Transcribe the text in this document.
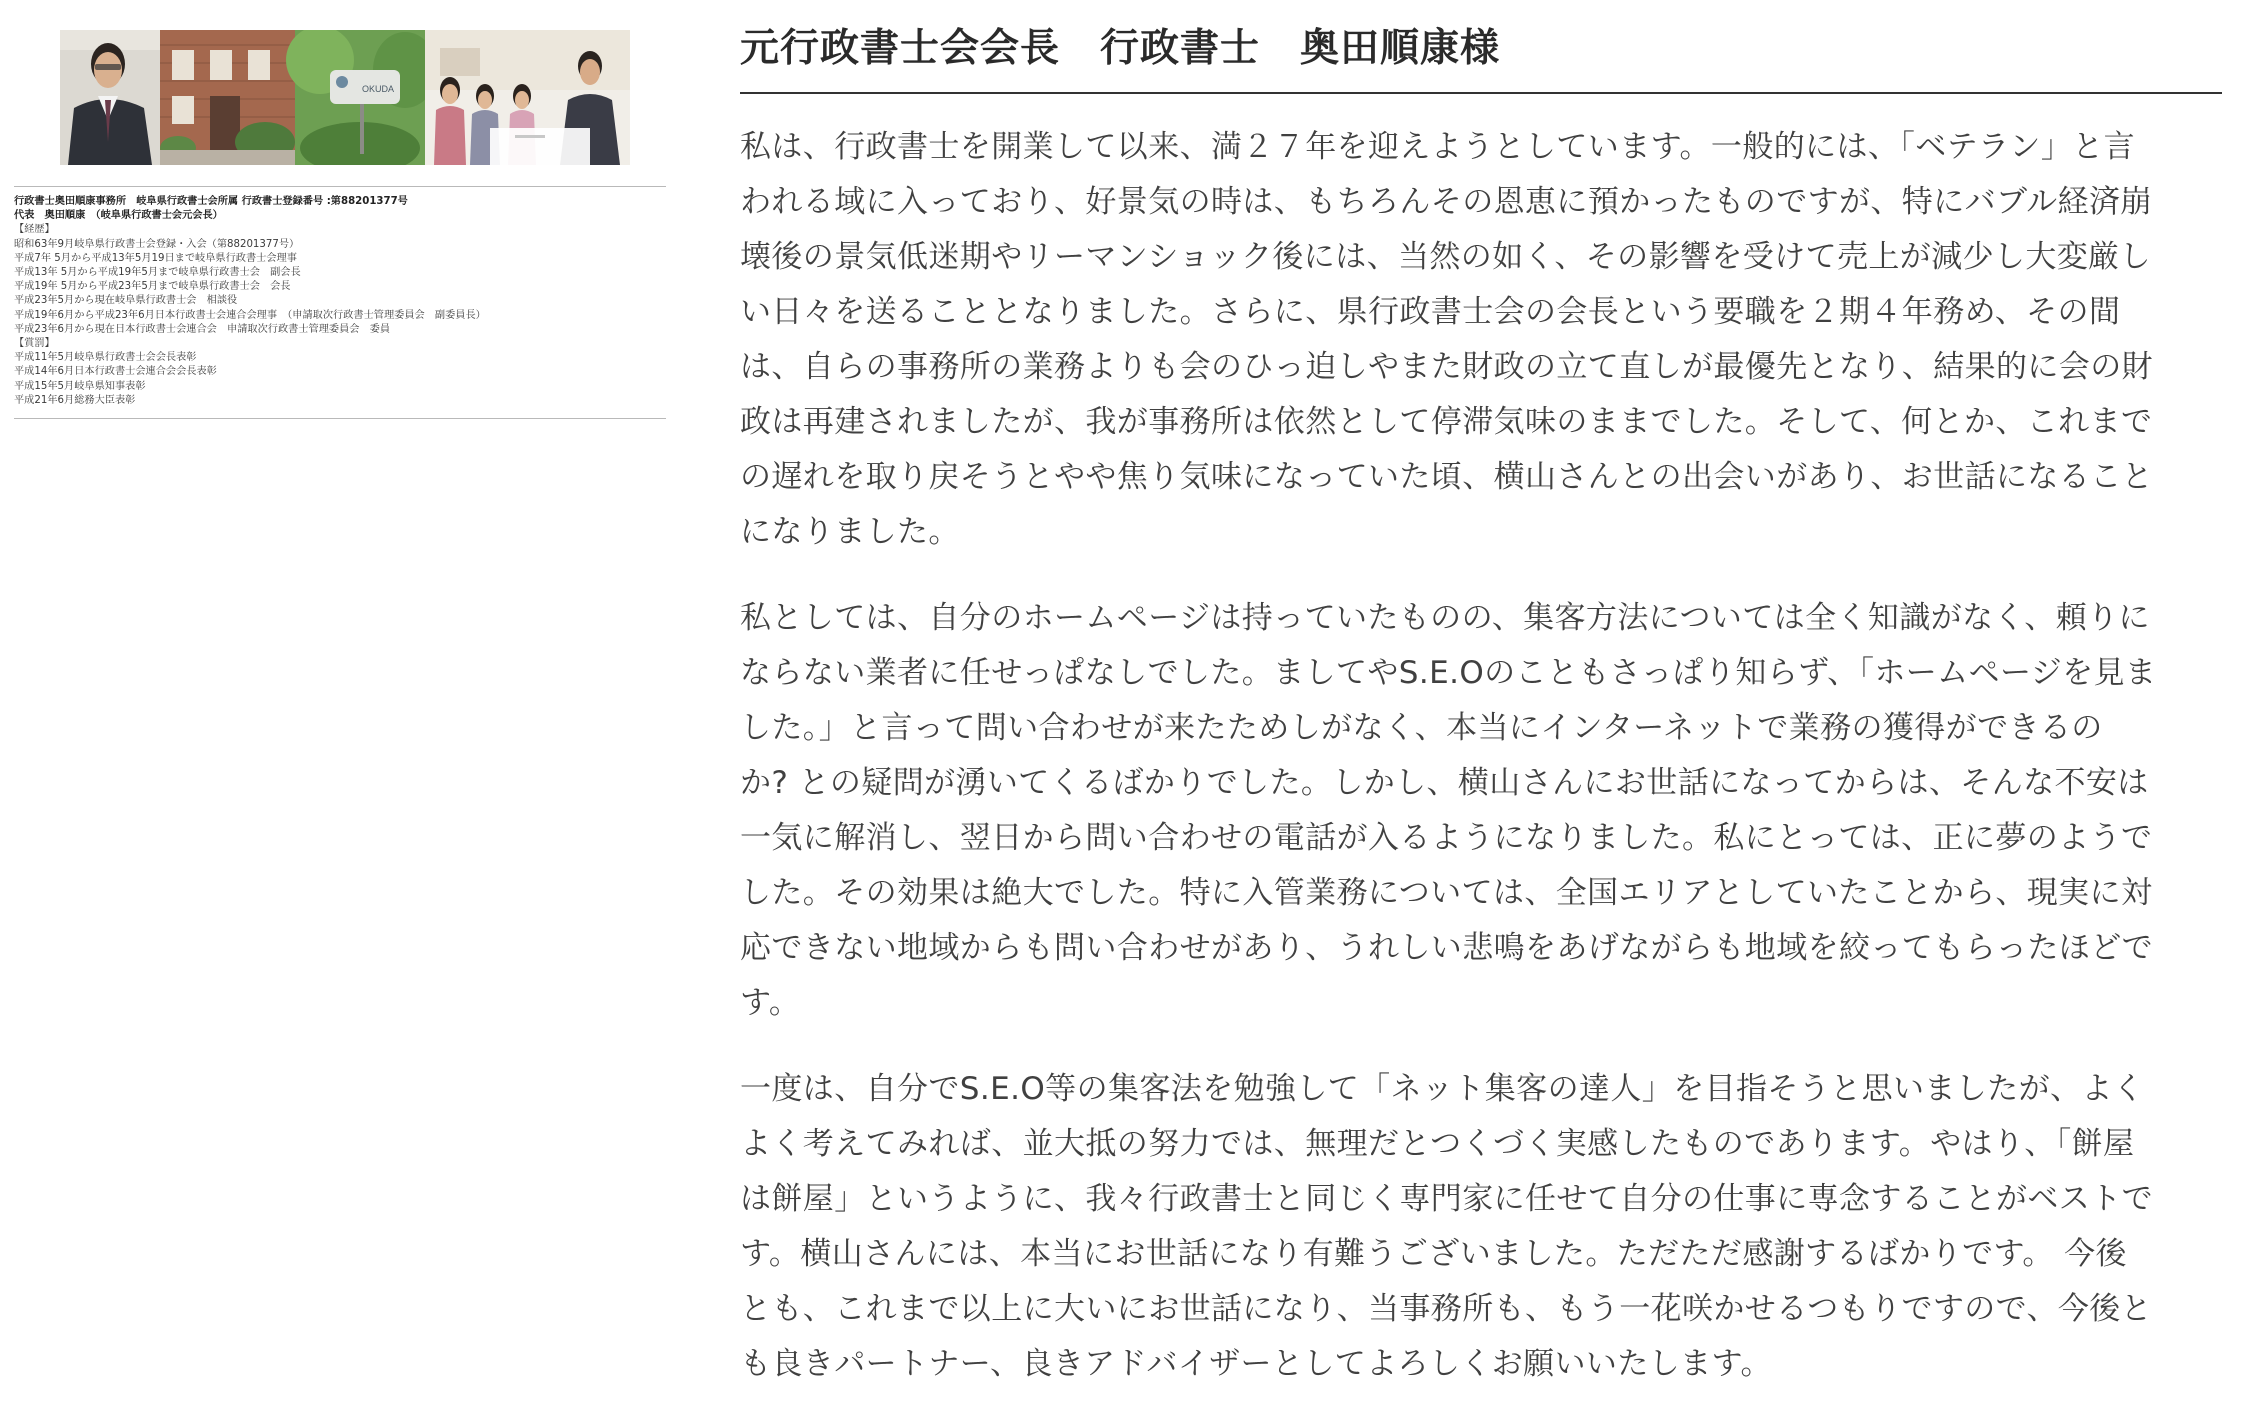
OKUDA
行政書士奥田順康事務所　岐阜県行政書士会所属 行政書士登録番号 :第88201377号
代表　奥田順康　（岐阜県行政書士会元会長）
【経歴】
昭和63年9月岐阜県行政書士会登録・入会（第88201377号）
平成7年 5月から平成13年5月19日まで岐阜県行政書士会理事
平成13年 5月から平成19年5月まで岐阜県行政書士会　副会長
平成19年 5月から平成23年5月まで岐阜県行政書士会　会長
平成23年5月から現在岐阜県行政書士会　相談役
平成19年6月から平成23年6月日本行政書士会連合会理事　（申請取次行政書士管理委員会　副委員長）
平成23年6月から現在日本行政書士会連合会　申請取次行政書士管理委員会　委員
【賞罰】
平成11年5月岐阜県行政書士会会長表彰
平成14年6月日本行政書士会連合会会長表彰
平成15年5月岐阜県知事表彰
平成21年6月総務大臣表彰
元行政書士会会長　行政書士　奥田順康様

私は、行政書士を開業して以来、満２７年を迎えようとしています。一般的には、「ベテラン」と言
われる域に入っており、好景気の時は、もちろんその恩恵に預かったものですが、特にバブル経済崩
壊後の景気低迷期やリーマンショック後には、当然の如く、その影響を受けて売上が減少し大変厳し
い日々を送ることとなりました。さらに、県行政書士会の会長という要職を２期４年務め、その間
は、自らの事務所の業務よりも会のひっ迫しやまた財政の立て直しが最優先となり、結果的に会の財
政は再建されましたが、我が事務所は依然として停滞気味のままでした。そして、何とか、これまで
の遅れを取り戻そうとやや焦り気味になっていた頃、横山さんとの出会いがあり、お世話になること
になりました。

私としては、自分のホームページは持っていたものの、集客方法については全く知識がなく、頼りに
ならない業者に任せっぱなしでした。ましてやS.E.Oのこともさっぱり知らず、「ホームページを見ま
した。」と言って問い合わせが来たためしがなく、本当にインターネットで業務の獲得ができるの
か? との疑問が湧いてくるばかりでした。しかし、横山さんにお世話になってからは、そんな不安は
一気に解消し、翌日から問い合わせの電話が入るようになりました。私にとっては、正に夢のようで
した。その効果は絶大でした。特に入管業務については、全国エリアとしていたことから、現実に対
応できない地域からも問い合わせがあり、うれしい悲鳴をあげながらも地域を絞ってもらったほどで
す。

一度は、自分でS.E.O等の集客法を勉強して「ネット集客の達人」を目指そうと思いましたが、よく
よく考えてみれば、並大抵の努力では、無理だとつくづく実感したものであります。やはり、「餅屋
は餅屋」というように、我々行政書士と同じく専門家に任せて自分の仕事に専念することがベストで
す。横山さんには、本当にお世話になり有難うございました。ただただ感謝するばかりです。 今後
とも、これまで以上に大いにお世話になり、当事務所も、もう一花咲かせるつもりですので、今後と
も良きパートナー、良きアドバイザーとしてよろしくお願いいたします。
